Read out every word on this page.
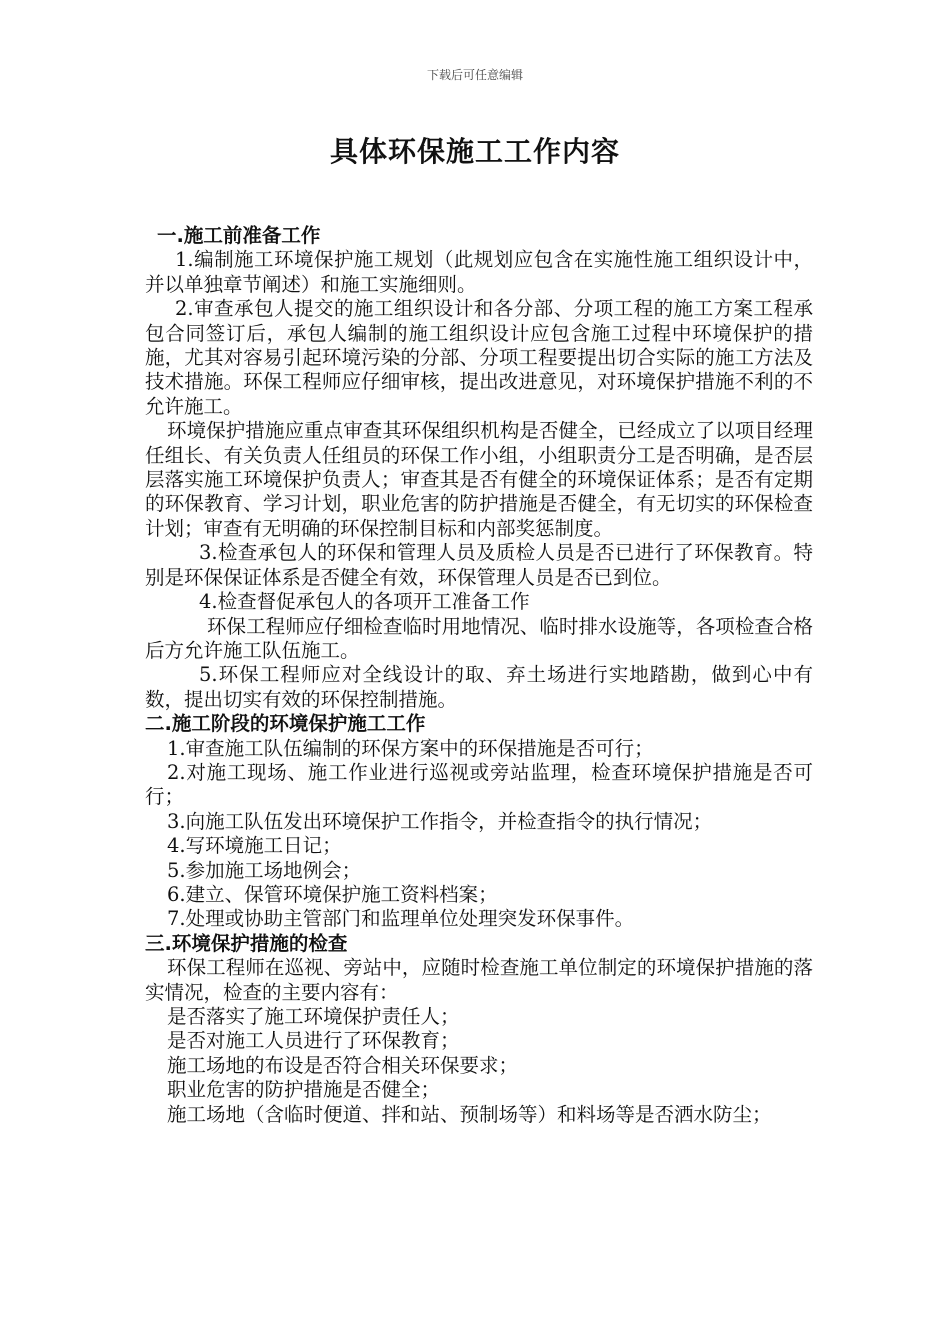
下载后可任意编辑
具体环保施工工作内容

一.施工前准备工作

1.编制施工环境保护施工规划（此规划应包含在实施性施工组织设计中，并以单独章节阐述）和施工实施细则。

2.审查承包人提交的施工组织设计和各分部、分项工程的施工方案工程承包合同签订后，承包人编制的施工组织设计应包含施工过程中环境保护的措施，尤其对容易引起环境污染的分部、分项工程要提出切合实际的施工方法及技术措施。环保工程师应仔细审核，提出改进意见，对环境保护措施不利的不允许施工。

环境保护措施应重点审查其环保组织机构是否健全，已经成立了以项目经理任组长、有关负责人任组员的环保工作小组，小组职责分工是否明确，是否层层落实施工环境保护负责人；审查其是否有健全的环境保证体系；是否有定期的环保教育、学习计划，职业危害的防护措施是否健全，有无切实的环保检查计划；审查有无明确的环保控制目标和内部奖惩制度。

3.检查承包人的环保和管理人员及质检人员是否已进行了环保教育。特别是环保保证体系是否健全有效，环保管理人员是否已到位。

4.检查督促承包人的各项开工准备工作

环保工程师应仔细检查临时用地情况、临时排水设施等，各项检查合格后方允许施工队伍施工。

5.环保工程师应对全线设计的取、弃土场进行实地踏勘，做到心中有数，提出切实有效的环保控制措施。

二.施工阶段的环境保护施工工作

1.审查施工队伍编制的环保方案中的环保措施是否可行；

2.对施工现场、施工作业进行巡视或旁站监理，检查环境保护措施是否可行；

3.向施工队伍发出环境保护工作指令，并检查指令的执行情况；

4.写环境施工日记；

5.参加施工场地例会；

6.建立、保管环境保护施工资料档案；

7.处理或协助主管部门和监理单位处理突发环保事件。

三.环境保护措施的检查

环保工程师在巡视、旁站中，应随时检查施工单位制定的环境保护措施的落实情况，检查的主要内容有：

是否落实了施工环境保护责任人；

是否对施工人员进行了环保教育；

施工场地的布设是否符合相关环保要求；

职业危害的防护措施是否健全；

施工场地（含临时便道、拌和站、预制场等）和料场等是否洒水防尘；
